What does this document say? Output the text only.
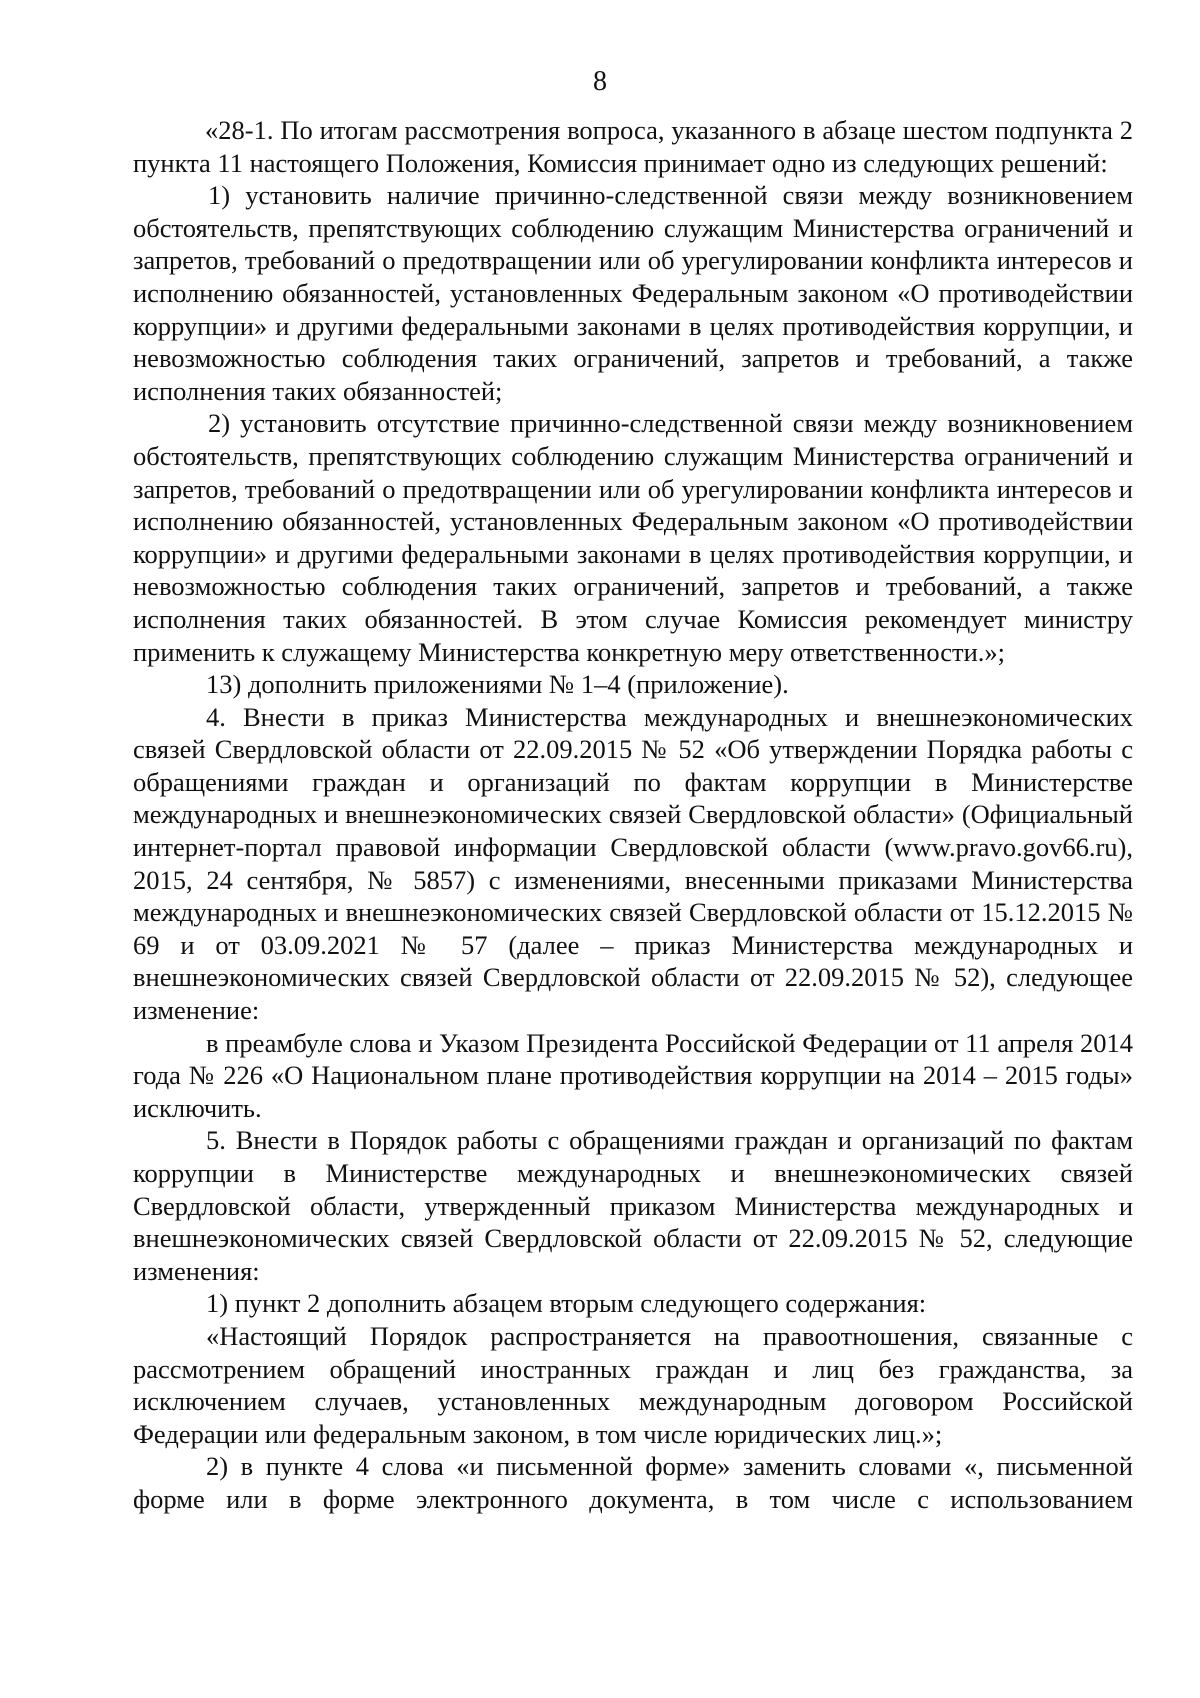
8

«28-1. По итогам рассмотрения вопроса, указанного в абзаце шестом подпункта 2 пункта 11 настоящего Положения, Комиссия принимает одно из следующих решений:

1) установить наличие причинно-следственной связи между возникновением обстоятельств, препятствующих соблюдению служащим Министерства ограничений и запретов, требований о предотвращении или об урегулировании конфликта интересов и исполнению обязанностей, установленных Федеральным законом «О противодействии коррупции» и другими федеральными законами в целях противодействия коррупции, и невозможностью соблюдения таких ограничений, запретов и требований, а также исполнения таких обязанностей;

2) установить отсутствие причинно-следственной связи между возникновением обстоятельств, препятствующих соблюдению служащим Министерства ограничений и запретов, требований о предотвращении или об урегулировании конфликта интересов и исполнению обязанностей, установленных Федеральным законом «О противодействии коррупции» и другими федеральными законами в целях противодействия коррупции, и невозможностью соблюдения таких ограничений, запретов и требований, а также исполнения таких обязанностей. В этом случае Комиссия рекомендует министру применить к служащему Министерства конкретную меру ответственности.»;

13) дополнить приложениями № 1–4 (приложение).

4. Внести в приказ Министерства международных и внешнеэкономических связей Свердловской области от 22.09.2015 № 52 «Об утверждении Порядка работы с обращениями граждан и организаций по фактам коррупции в Министерстве международных и внешнеэкономических связей Свердловской области» (Официальный интернет-портал правовой информации Свердловской области (www.pravo.gov66.ru), 2015, 24 сентября, № 5857) с изменениями, внесенными приказами Министерства международных и внешнеэкономических связей Свердловской области от 15.12.2015 № 69 и от 03.09.2021 № 57 (далее – приказ Министерства международных и внешнеэкономических связей Свердловской области от 22.09.2015 № 52), следующее изменение:

в преамбуле слова и Указом Президента Российской Федерации от 11 апреля 2014 года № 226 «О Национальном плане противодействия коррупции на 2014 – 2015 годы» исключить.

5. Внести в Порядок работы с обращениями граждан и организаций по фактам коррупции в Министерстве международных и внешнеэкономических связей Свердловской области, утвержденный приказом Министерства международных и внешнеэкономических связей Свердловской области от 22.09.2015 № 52, следующие изменения:

1) пункт 2 дополнить абзацем вторым следующего содержания:

«Настоящий Порядок распространяется на правоотношения, связанные с рассмотрением обращений иностранных граждан и лиц без гражданства, за исключением случаев, установленных международным договором Российской Федерации или федеральным законом, в том числе юридических лиц.»;

2) в пункте 4 слова «и письменной форме» заменить словами «, письменной форме или в форме электронного документа, в том числе с использованием
